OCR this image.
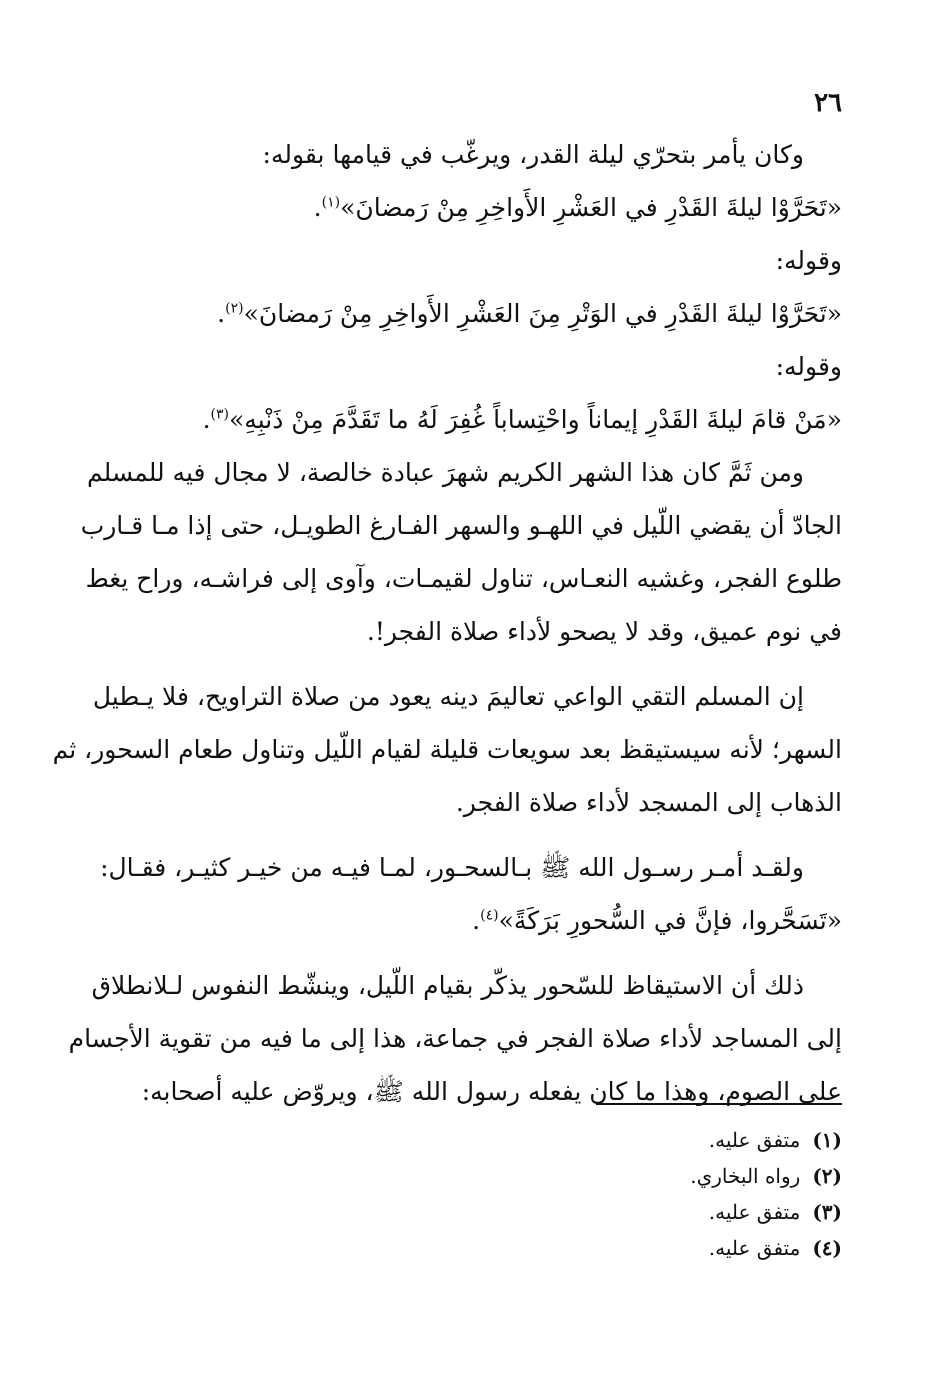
٢٦
وكان يأمر بتحرّي ليلة القدر، ويرغّب في قيامها بقوله:
«تَحَرَّوْا ليلةَ القَدْرِ في العَشْرِ الأَواخِرِ مِنْ رَمضانَ»$^{(١)}$.
وقوله:
«تَحَرَّوْا ليلةَ القَدْرِ في الوَتْرِ مِنَ العَشْرِ الأَواخِرِ مِنْ رَمضانَ»$^{(٢)}$.
وقوله:
«مَنْ قامَ ليلةَ القَدْرِ إيماناً واحْتِساباً غُفِرَ لَهُ ما تَقَدَّمَ مِنْ ذَنْبِهِ»$^{(٣)}$.
ومن ثَمَّ كان هذا الشهر الكريم شهرَ عبادة خالصة، لا مجال فيه للمسلم
الجادّ أن يقضي اللّيل في اللهـو والسهر الفـارغ الطويـل، حتى إذا مـا قـارب
طلوع الفجر، وغشيه النعـاس، تناول لقيمـات، وآوى إلى فراشـه، وراح يغط
في نوم عميق، وقد لا يصحو لأداء صلاة الفجر!.
إن المسلم التقي الواعي تعاليمَ دينه يعود من صلاة التراويح، فلا يـطيل
السهر؛ لأنه سيستيقظ بعد سويعات قليلة لقيام اللّيل وتناول طعام السحور، ثم
الذهاب إلى المسجد لأداء صلاة الفجر.
ولقـد أمـر رسـول الله ﷺ بـالسحـور، لمـا فيـه من خيـر كثيـر، فقـال:
«تَسَحَّروا، فإنَّ في السُّحورِ بَرَكَةً»$^{(٤)}$.
ذلك أن الاستيقاظ للسّحور يذكّر بقيام اللّيل، وينشّط النفوس لـلانطلاق
إلى المساجد لأداء صلاة الفجر في جماعة، هذا إلى ما فيه من تقوية الأجسام
على الصوم، وهذا ما كان يفعله رسول الله ﷺ، ويروّض عليه أصحابه:
(١)متفق عليه.
(٢)رواه البخاري.
(٣)متفق عليه.
(٤)متفق عليه.
